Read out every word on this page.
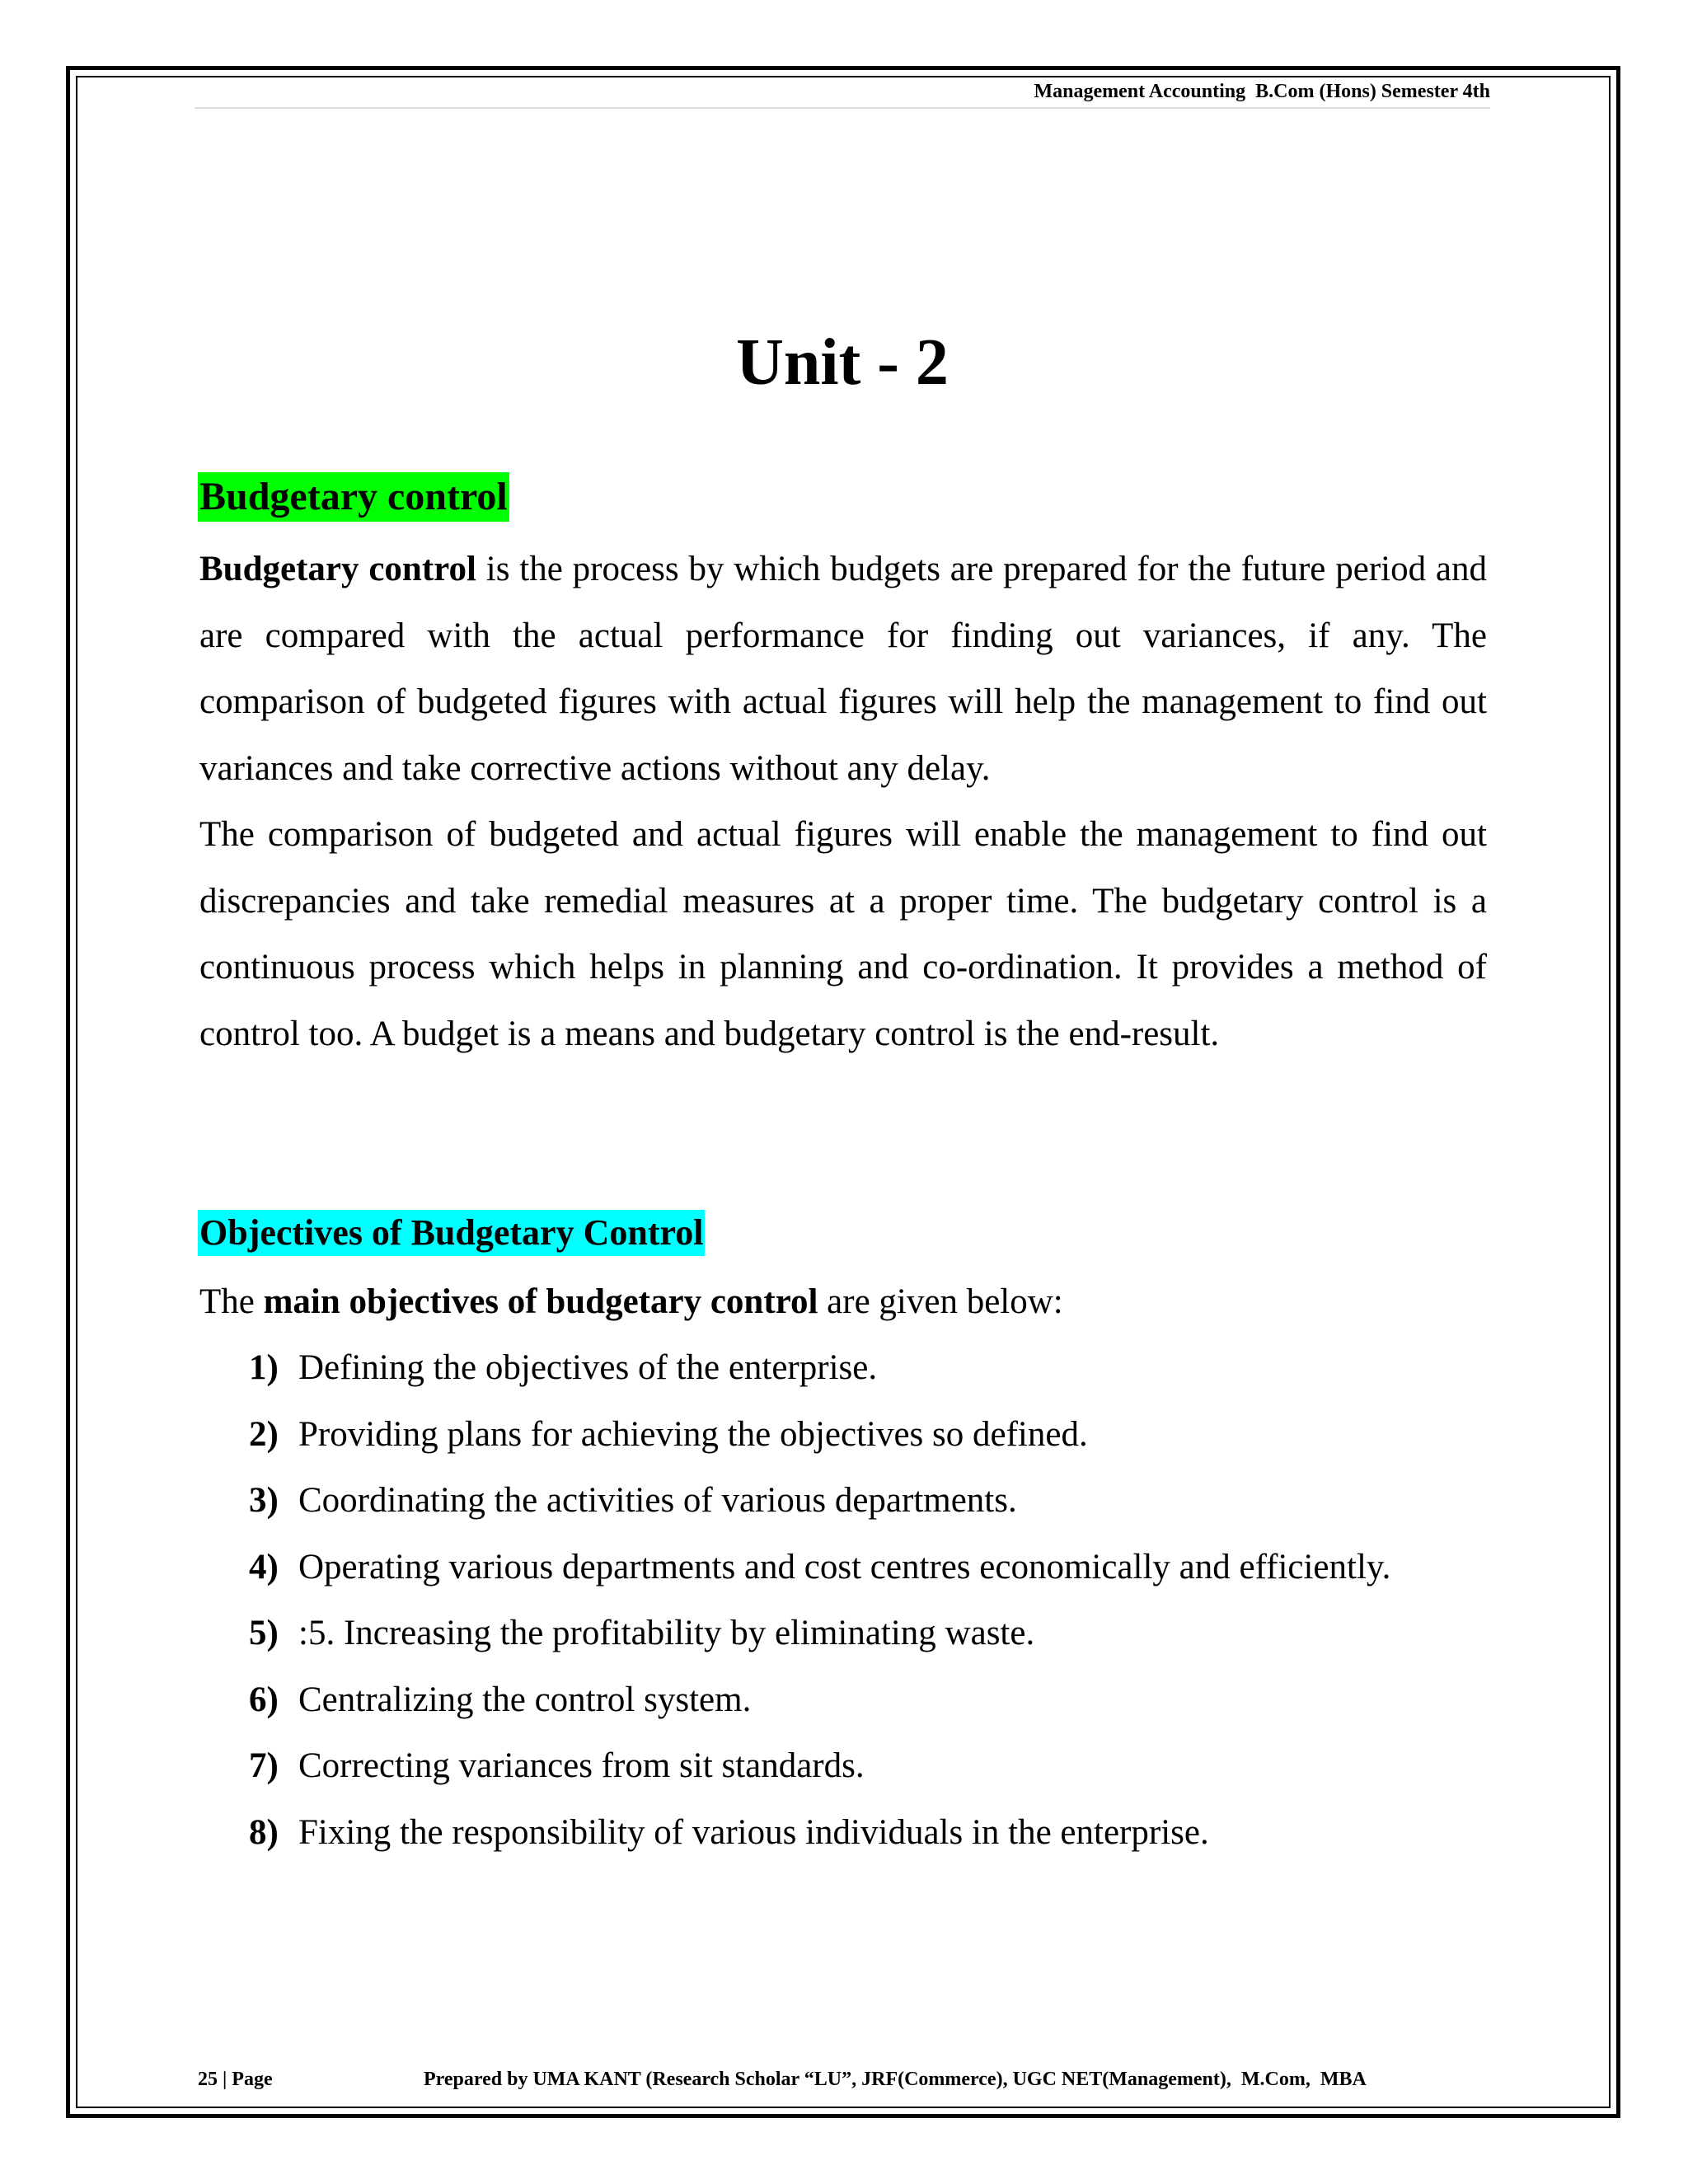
Management Accounting  B.Com (Hons) Semester 4th
Unit - 2
Budgetary control

Budgetary control is the process by which budgets are prepared for the future period and are compared with the actual performance for finding out variances, if any. The comparison of budgeted figures with actual figures will help the management to find out variances and take corrective actions without any delay.

The comparison of budgeted and actual figures will enable the management to find out discrepancies and take remedial measures at a proper time. The budgetary control is a continuous process which helps in planning and co-ordination. It provides a method of control too. A budget is a means and budgetary control is the end-result.

Objectives of Budgetary Control

The main objectives of budgetary control are given below:

1) Defining the objectives of the enterprise.
2) Providing plans for achieving the objectives so defined.
3) Coordinating the activities of various departments.
4) Operating various departments and cost centres economically and efficiently.
5) :5. Increasing the profitability by eliminating waste.
6) Centralizing the control system.
7) Correcting variances from sit standards.
8) Fixing the responsibility of various individuals in the enterprise.
25 | Page	Prepared by UMA KANT (Research Scholar “LU”, JRF(Commerce), UGC NET(Management),  M.Com,  MBA
